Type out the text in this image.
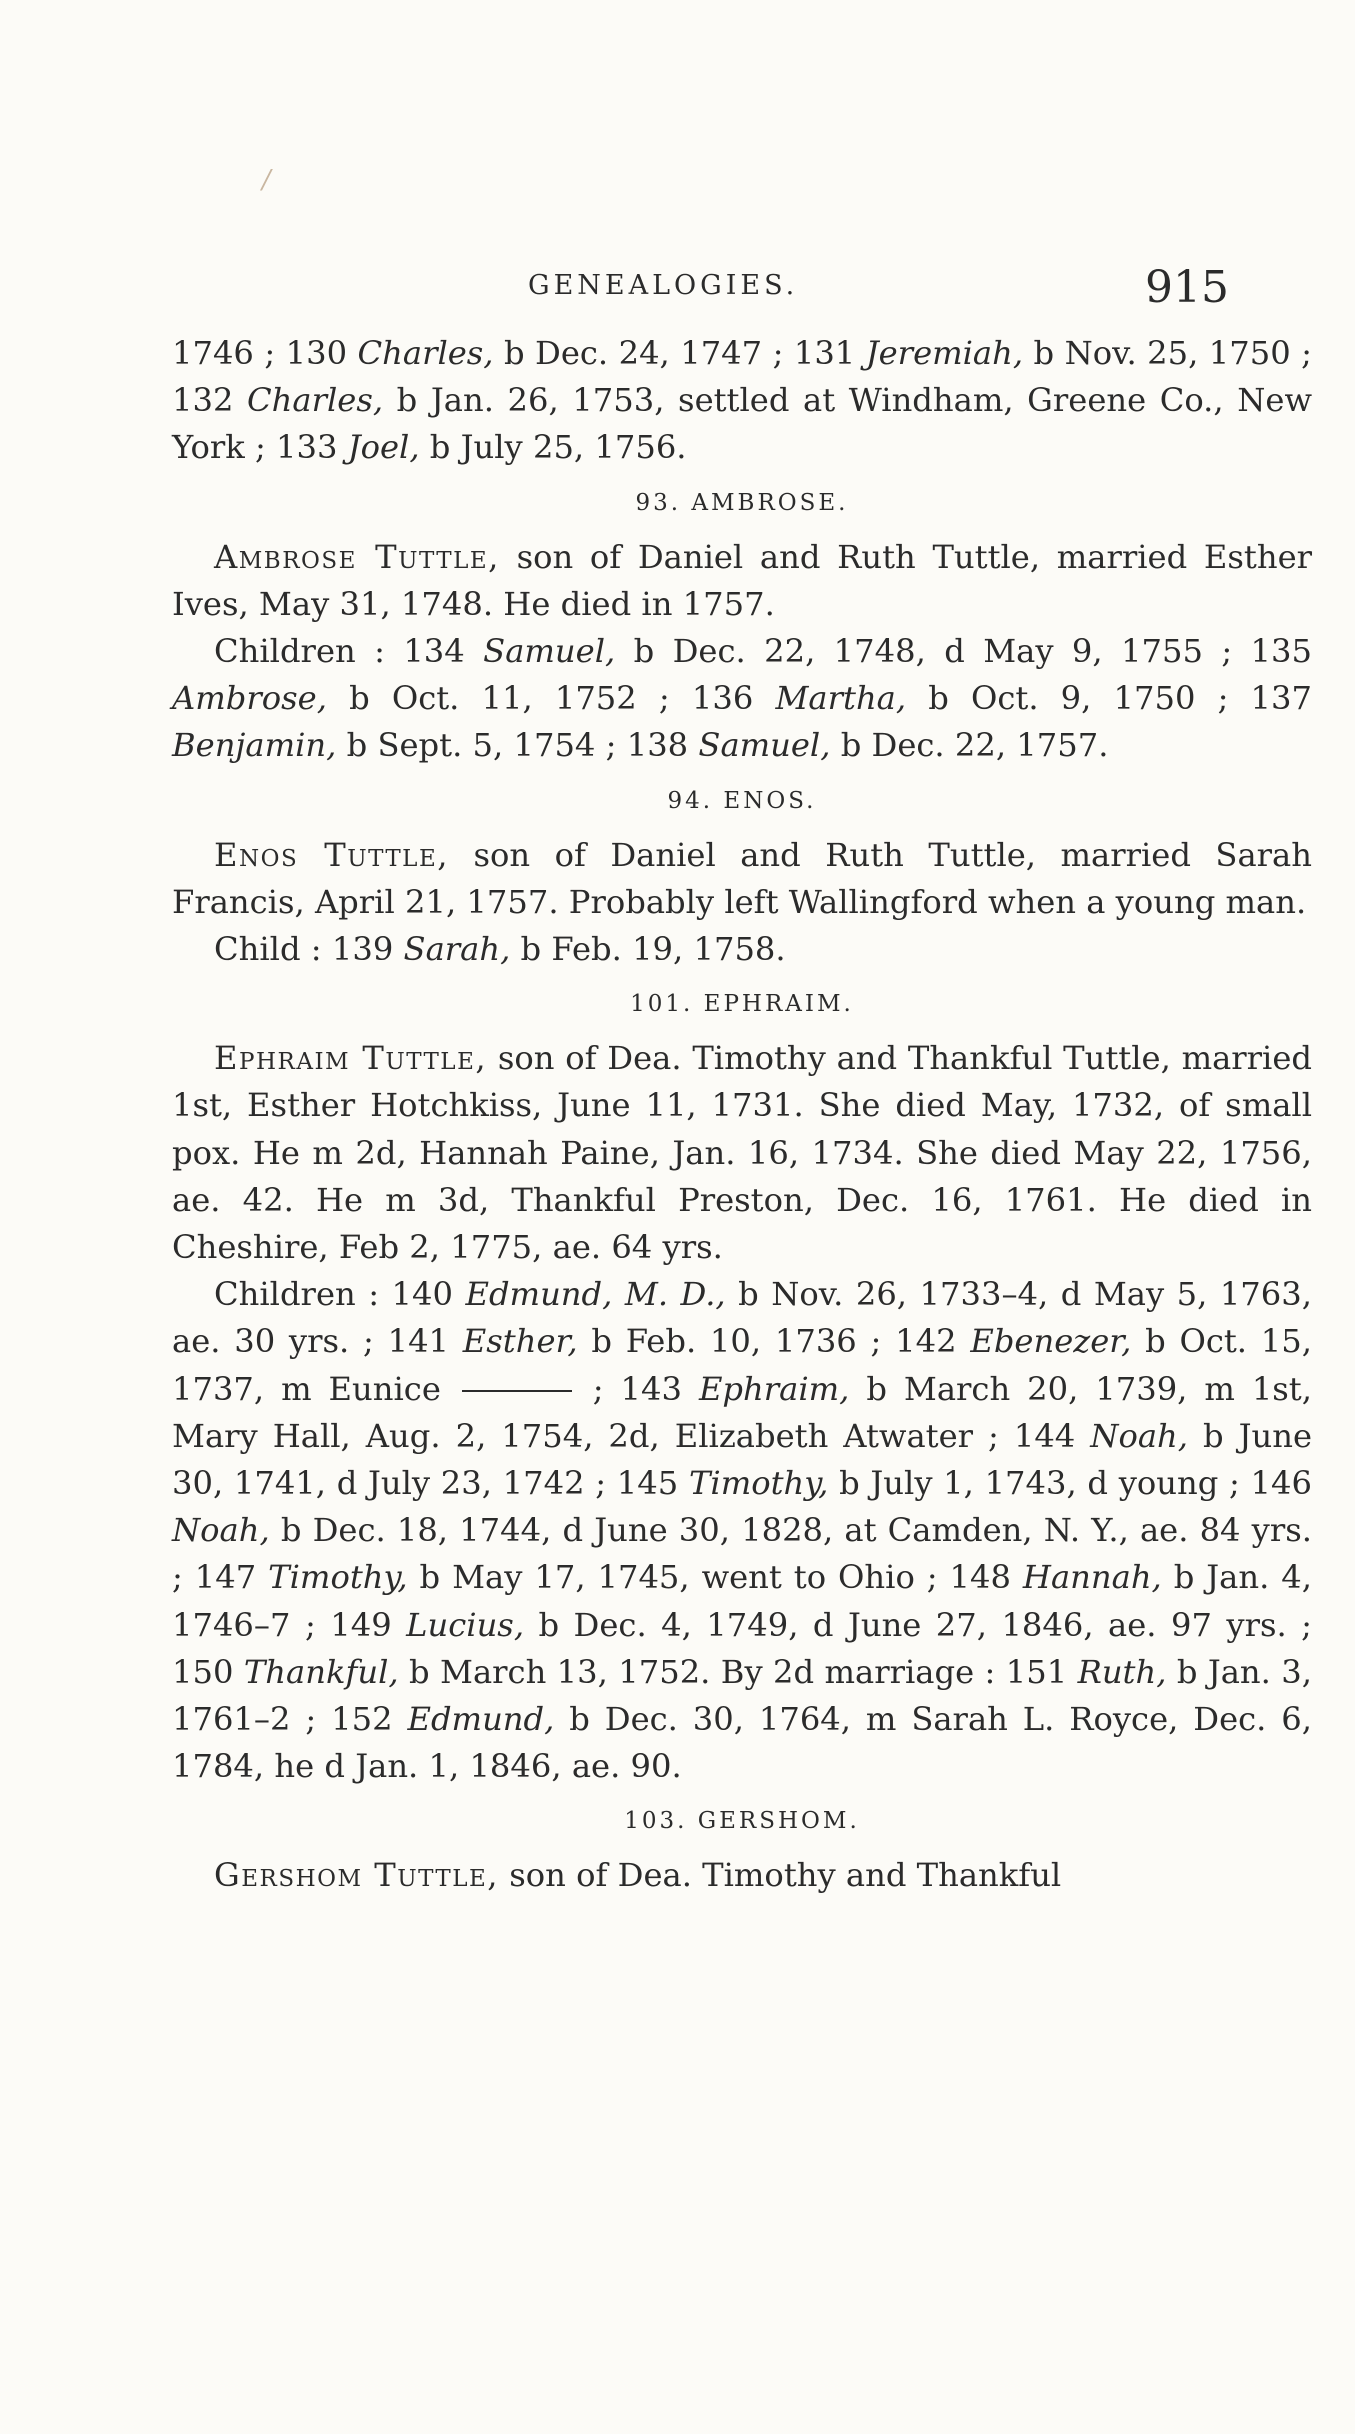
/
GENEALOGIES.	915

1746 ; 130 Charles, b Dec. 24, 1747 ; 131 Jeremiah, b Nov. 25, 1750 ; 132 Charles, b Jan. 26, 1753, settled at Windham, Greene Co., New York ; 133 Joel, b July 25, 1756.

93. AMBROSE.

Ambrose Tuttle, son of Daniel and Ruth Tuttle, married Esther Ives, May 31, 1748. He died in 1757.

Children : 134 Samuel, b Dec. 22, 1748, d May 9, 1755 ; 135 Ambrose, b Oct. 11, 1752 ; 136 Martha, b Oct. 9, 1750 ; 137 Benjamin, b Sept. 5, 1754 ; 138 Samuel, b Dec. 22, 1757.

94. ENOS.

Enos Tuttle, son of Daniel and Ruth Tuttle, married Sarah Francis, April 21, 1757. Probably left Wallingford when a young man.

Child : 139 Sarah, b Feb. 19, 1758.

101. EPHRAIM.

Ephraim Tuttle, son of Dea. Timothy and Thankful Tuttle, married 1st, Esther Hotchkiss, June 11, 1731. She died May, 1732, of small pox. He m 2d, Hannah Paine, Jan. 16, 1734. She died May 22, 1756, ae. 42. He m 3d, Thankful Preston, Dec. 16, 1761. He died in Cheshire, Feb 2, 1775, ae. 64 yrs.

Children : 140 Edmund, M. D., b Nov. 26, 1733–4, d May 5, 1763, ae. 30 yrs. ; 141 Esther, b Feb. 10, 1736 ; 142 Ebenezer, b Oct. 15, 1737, m Eunice	; 143 Ephraim, b March 20, 1739, m 1st, Mary Hall, Aug. 2, 1754, 2d, Elizabeth Atwater ; 144 Noah, b June 30, 1741, d July 23, 1742 ; 145 Timothy, b July 1, 1743, d young ; 146 Noah, b Dec. 18, 1744, d June 30, 1828, at Camden, N. Y., ae. 84 yrs. ; 147 Timothy, b May 17, 1745, went to Ohio ; 148 Hannah, b Jan. 4, 1746–7 ; 149 Lucius, b Dec. 4, 1749, d June 27, 1846, ae. 97 yrs. ; 150 Thankful, b March 13, 1752. By 2d marriage : 151 Ruth, b Jan. 3, 1761–2 ; 152 Edmund, b Dec. 30, 1764, m Sarah L. Royce, Dec. 6, 1784, he d Jan. 1, 1846, ae. 90.

103. GERSHOM.

Gershom Tuttle, son of Dea. Timothy and Thankful
